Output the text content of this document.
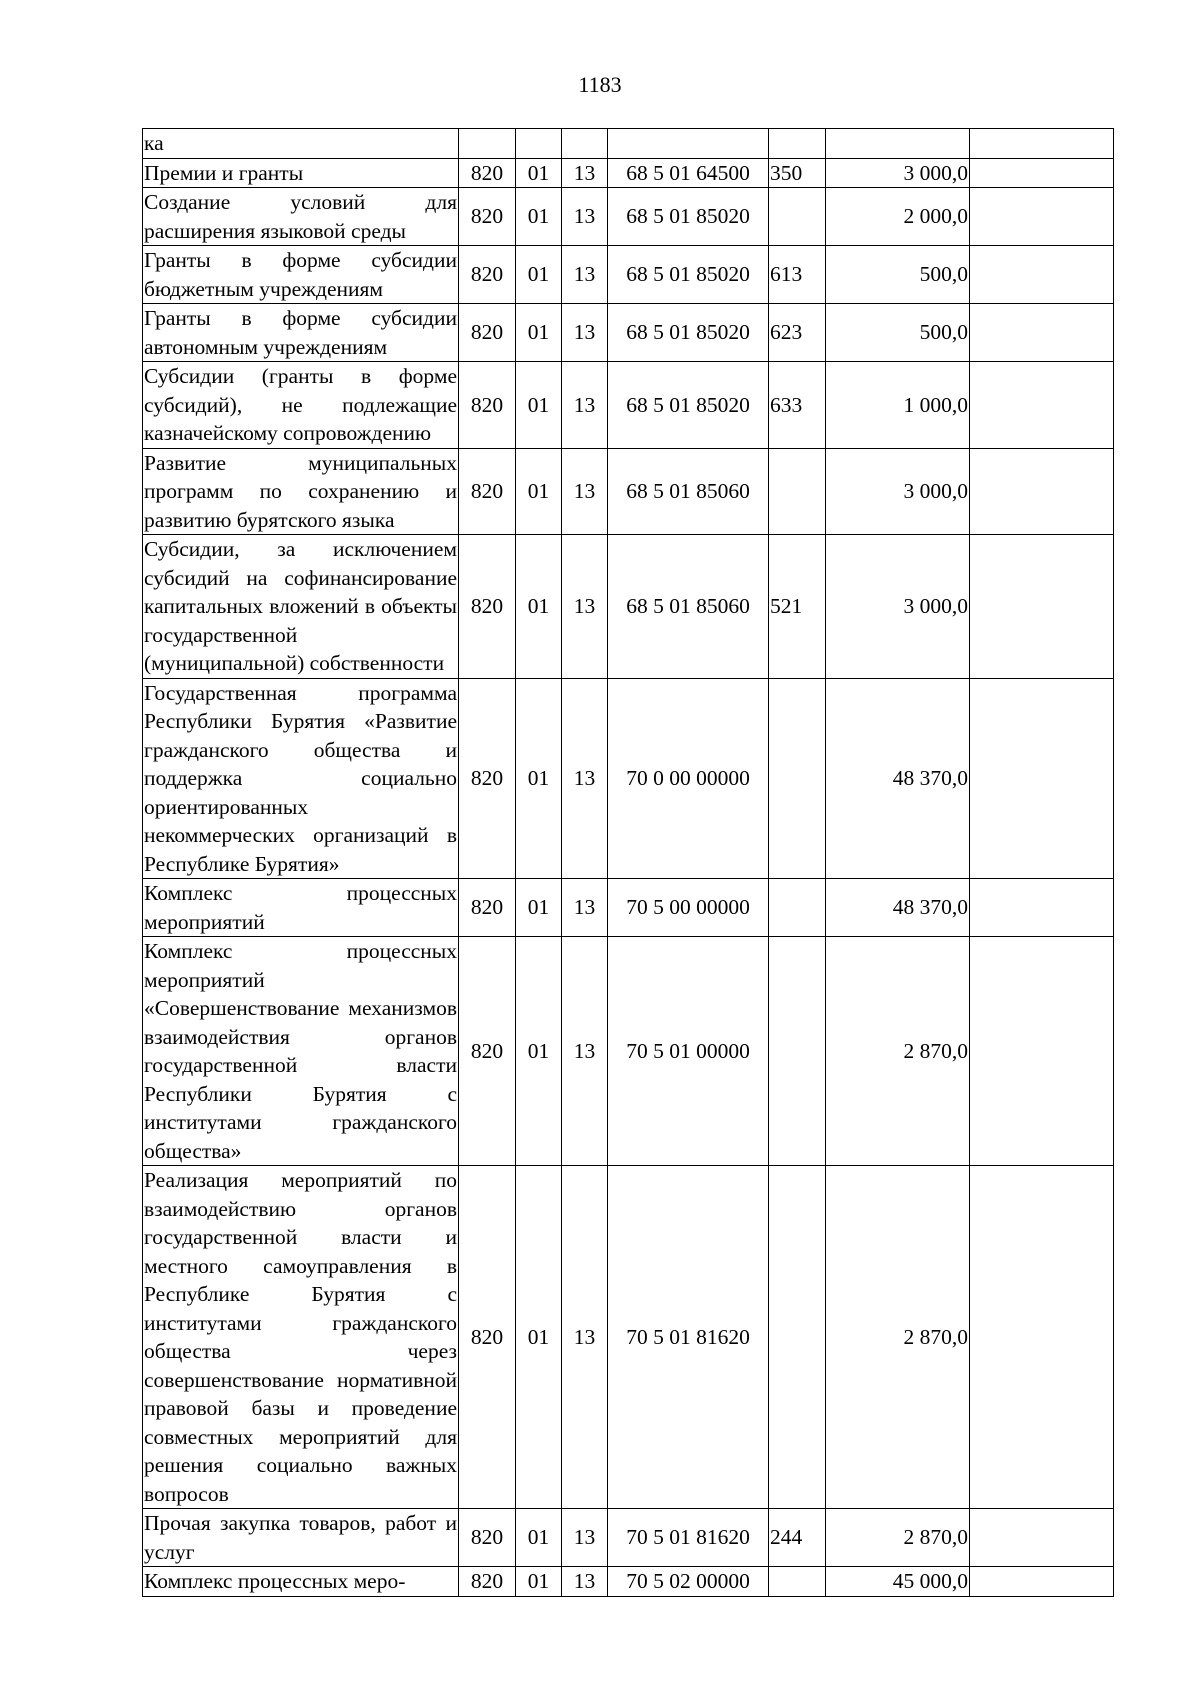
1183
ка							
Премии и гранты	820	01	13	68 5 01 64500	350	3 000,0	
Создание условий для расширения языковой среды	820	01	13	68 5 01 85020		2 000,0	
Гранты в форме субсидии бюджетным учреждениям	820	01	13	68 5 01 85020	613	500,0	
Гранты в форме субсидии автономным учреждениям	820	01	13	68 5 01 85020	623	500,0	
Субсидии (гранты в форме субсидий), не подлежащие казначейскому сопровождению	820	01	13	68 5 01 85020	633	1 000,0	
Развитие муниципальных программ по сохранению и развитию бурятского языка	820	01	13	68 5 01 85060		3 000,0	
Субсидии, за исключением субсидий на софинансирование капитальных вложений в объекты государственной (муниципальной) собственности	820	01	13	68 5 01 85060	521	3 000,0	
Государственная программа Республики Бурятия «Развитие гражданского общества и поддержка социально ориентированных некоммерческих организаций в Республике Бурятия»	820	01	13	70 0 00 00000		48 370,0	
Комплекс процессных мероприятий	820	01	13	70 5 00 00000		48 370,0	
Комплекс процессных мероприятий «Совершенствование механизмов взаимодействия органов государственной власти Республики Бурятия с институтами гражданского общества»	820	01	13	70 5 01 00000		2 870,0	
Реализация мероприятий по взаимодействию органов государственной власти и местного самоуправления в Республике Бурятия с институтами гражданского общества через совершенствование нормативной правовой базы и проведение совместных мероприятий для решения социально важных вопросов	820	01	13	70 5 01 81620		2 870,0	
Прочая закупка товаров, работ и услуг	820	01	13	70 5 01 81620	244	2 870,0	
Комплекс процессных меро-	820	01	13	70 5 02 00000		45 000,0	
